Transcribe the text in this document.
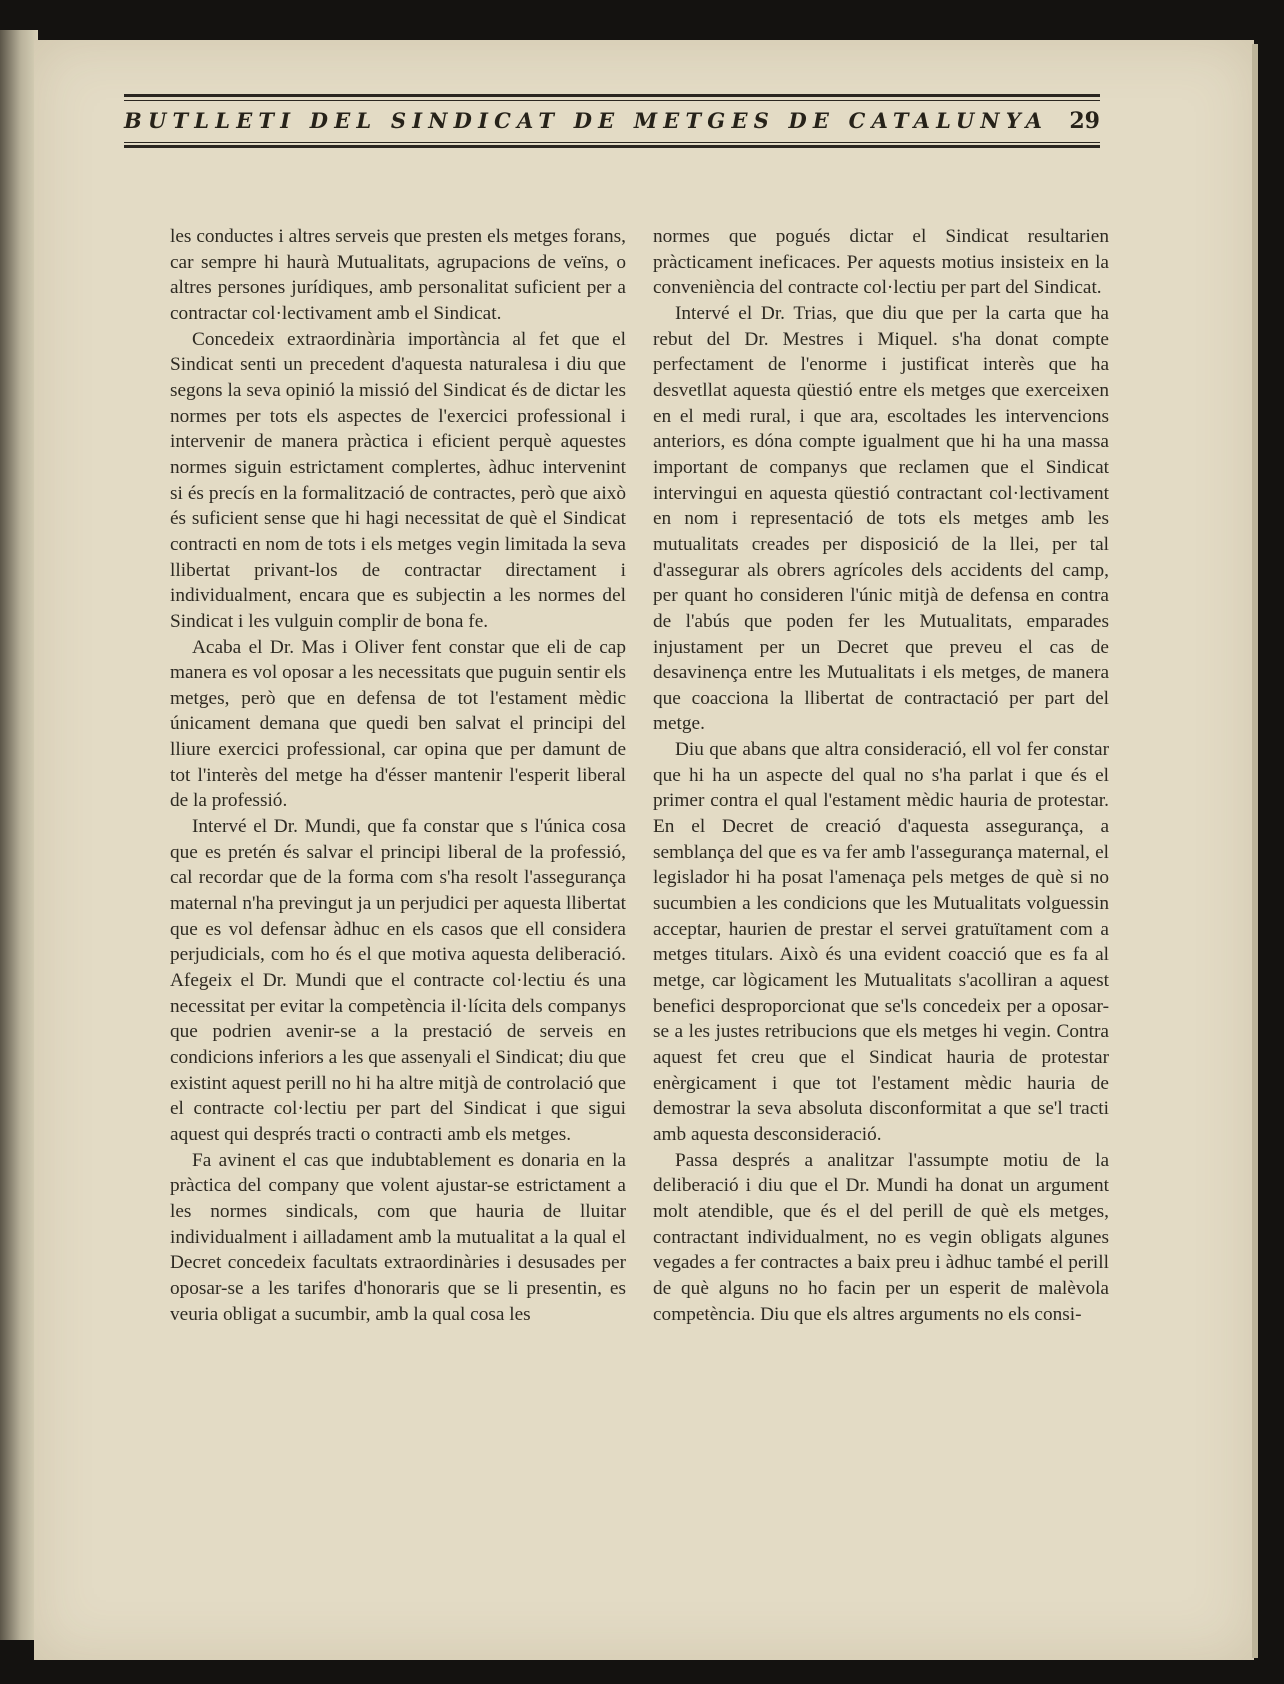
BUTLLETI DEL SINDICAT DE METGES DE CATALUNYA 29

les conductes i altres serveis que presten els metges forans, car sempre hi haurà Mutualitats, agrupacions de veïns, o altres persones jurídiques, amb personalitat suficient per a contractar col·lectivament amb el Sindicat.

Concedeix extraordinària importància al fet que el Sindicat senti un precedent d'aquesta naturalesa i diu que segons la seva opinió la missió del Sindicat és de dictar les normes per tots els aspectes de l'exercici professional i intervenir de manera pràctica i eficient perquè aquestes normes siguin estrictament complertes, àdhuc intervenint si és precís en la formalització de contractes, però que això és suficient sense que hi hagi necessitat de què el Sindicat contracti en nom de tots i els metges vegin limitada la seva llibertat privant-los de contractar directament i individualment, encara que es subjectin a les normes del Sindicat i les vulguin complir de bona fe.

Acaba el Dr. Mas i Oliver fent constar que eli de cap manera es vol oposar a les necessitats que puguin sentir els metges, però que en defensa de tot l'estament mèdic únicament demana que quedi ben salvat el principi del lliure exercici professional, car opina que per damunt de tot l'interès del metge ha d'ésser mantenir l'esperit liberal de la professió.

Intervé el Dr. Mundi, que fa constar que s l'única cosa que es pretén és salvar el principi liberal de la professió, cal recordar que de la forma com s'ha resolt l'assegurança maternal n'ha previngut ja un perjudici per aquesta llibertat que es vol defensar àdhuc en els casos que ell considera perjudicials, com ho és el que motiva aquesta deliberació. Afegeix el Dr. Mundi que el contracte col·lectiu és una necessitat per evitar la competència il·lícita dels companys que podrien avenir-se a la prestació de serveis en condicions inferiors a les que assenyali el Sindicat; diu que existint aquest perill no hi ha altre mitjà de controlació que el contracte col·lectiu per part del Sindicat i que sigui aquest qui després tracti o contracti amb els metges.

Fa avinent el cas que indubtablement es donaria en la pràctica del company que volent ajustar-se estrictament a les normes sindicals, com que hauria de lluitar individualment i ailladament amb la mutualitat a la qual el Decret concedeix facultats extraordinàries i desusades per oposar-se a les tarifes d'honoraris que se li presentin, es veuria obligat a sucumbir, amb la qual cosa les

normes que pogués dictar el Sindicat resultarien pràcticament ineficaces. Per aquests motius insisteix en la conveniència del contracte col·lectiu per part del Sindicat.

Intervé el Dr. Trias, que diu que per la carta que ha rebut del Dr. Mestres i Miquel. s'ha donat compte perfectament de l'enorme i justificat interès que ha desvetllat aquesta qüestió entre els metges que exerceixen en el medi rural, i que ara, escoltades les intervencions anteriors, es dóna compte igualment que hi ha una massa important de companys que reclamen que el Sindicat intervingui en aquesta qüestió contractant col·lectivament en nom i representació de tots els metges amb les mutualitats creades per disposició de la llei, per tal d'assegurar als obrers agrícoles dels accidents del camp, per quant ho consideren l'únic mitjà de defensa en contra de l'abús que poden fer les Mutualitats, emparades injustament per un Decret que preveu el cas de desavinença entre les Mutualitats i els metges, de manera que coacciona la llibertat de contractació per part del metge.

Diu que abans que altra consideració, ell vol fer constar que hi ha un aspecte del qual no s'ha parlat i que és el primer contra el qual l'estament mèdic hauria de protestar. En el Decret de creació d'aquesta assegurança, a semblança del que es va fer amb l'assegurança maternal, el legislador hi ha posat l'amenaça pels metges de què si no sucumbien a les condicions que les Mutualitats volguessin acceptar, haurien de prestar el servei gratuïtament com a metges titulars. Això és una evident coacció que es fa al metge, car lògicament les Mutualitats s'acolliran a aquest benefici desproporcionat que se'ls concedeix per a oposar-se a les justes retribucions que els metges hi vegin. Contra aquest fet creu que el Sindicat hauria de protestar enèrgicament i que tot l'estament mèdic hauria de demostrar la seva absoluta disconformitat a que se'l tracti amb aquesta desconsideració.

Passa després a analitzar l'assumpte motiu de la deliberació i diu que el Dr. Mundi ha donat un argument molt atendible, que és el del perill de què els metges, contractant individualment, no es vegin obligats algunes vegades a fer contractes a baix preu i àdhuc també el perill de què alguns no ho facin per un esperit de malèvola competència. Diu que els altres arguments no els consi-
